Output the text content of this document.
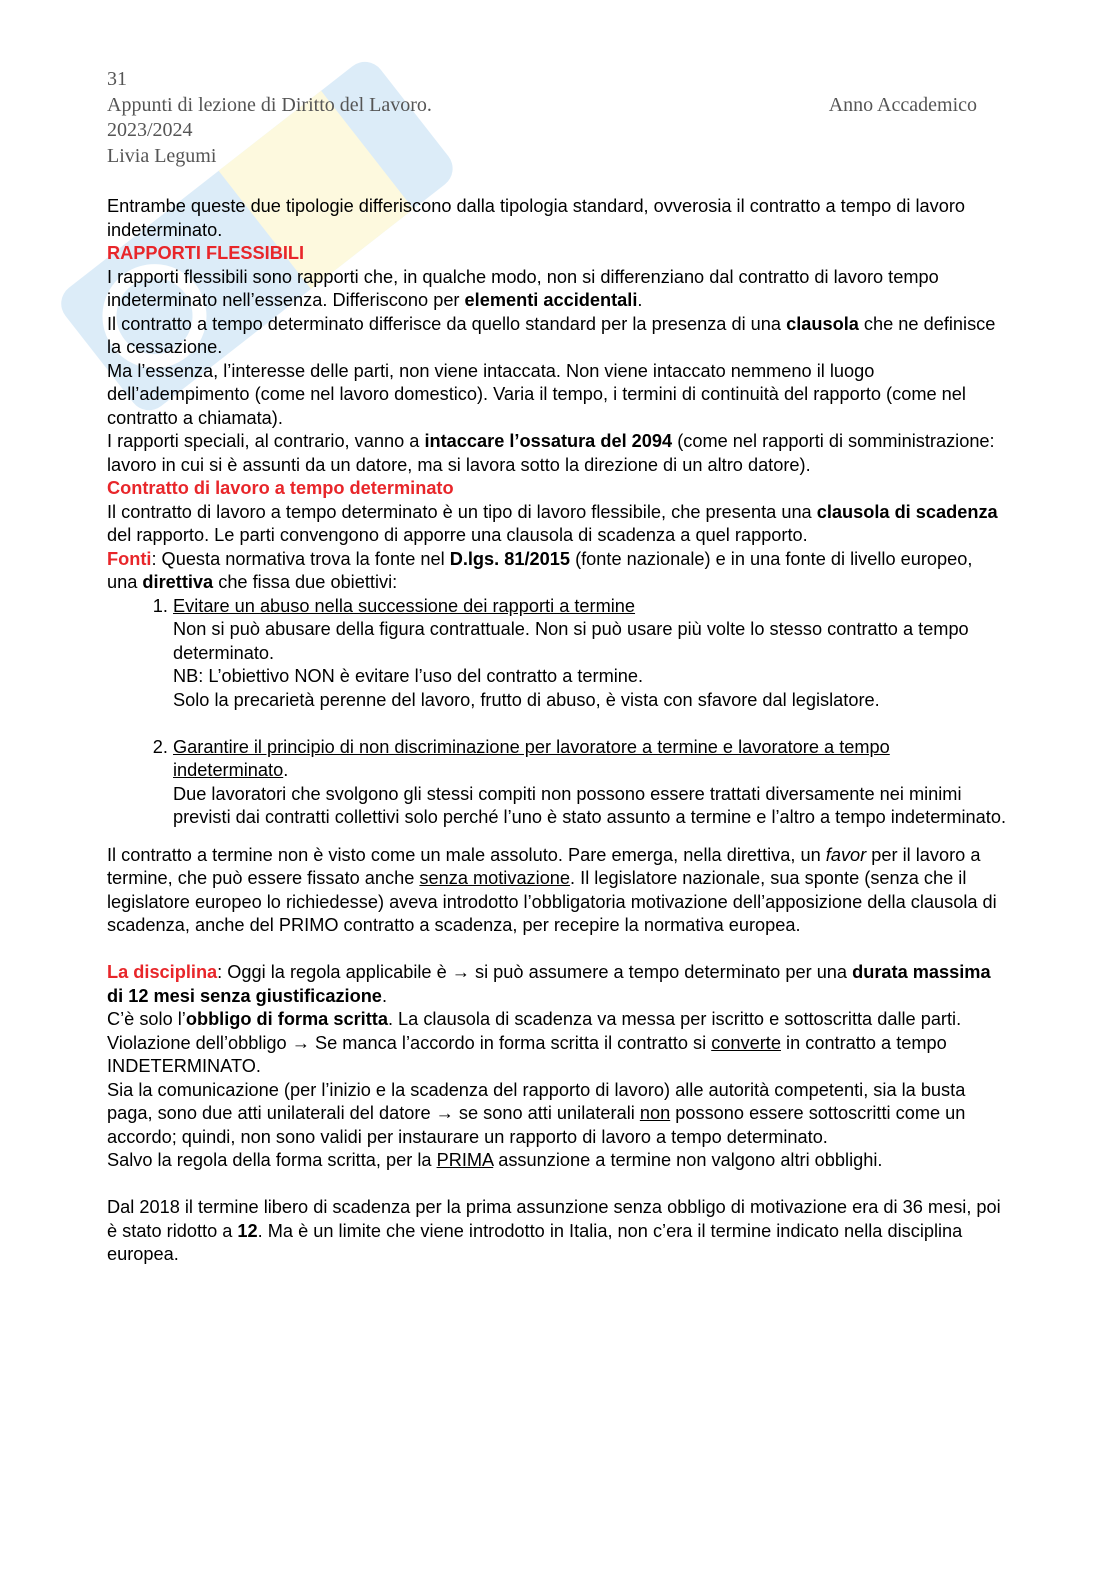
31
Appunti di lezione di Diritto del Lavoro.	Anno Accademico
2023/2024
Livia Legumi

Entrambe queste due tipologie differiscono dalla tipologia standard, ovverosia il contratto a tempo di lavoro indeterminato.

RAPPORTI FLESSIBILI

I rapporti flessibili sono rapporti che, in qualche modo, non si differenziano dal contratto di lavoro tempo indeterminato nell’essenza. Differiscono per elementi accidentali.

Il contratto a tempo determinato differisce da quello standard per la presenza di una clausola che ne definisce la cessazione.

Ma l’essenza, l’interesse delle parti, non viene intaccata. Non viene intaccato nemmeno il luogo dell’adempimento (come nel lavoro domestico). Varia il tempo, i termini di continuità del rapporto (come nel contratto a chiamata).

I rapporti speciali, al contrario, vanno a intaccare l’ossatura del 2094 (come nel rapporti di somministrazione: lavoro in cui si è assunti da un datore, ma si lavora sotto la direzione di un altro datore).

Contratto di lavoro a tempo determinato

Il contratto di lavoro a tempo determinato è un tipo di lavoro flessibile, che presenta una clausola di scadenza del rapporto. Le parti convengono di apporre una clausola di scadenza a quel rapporto.

Fonti: Questa normativa trova la fonte nel D.lgs. 81/2015 (fonte nazionale) e in una fonte di livello europeo, una direttiva che fissa due obiettivi:

1. Evitare un abuso nella successione dei rapporti a termine
Non si può abusare della figura contrattuale. Non si può usare più volte lo stesso contratto a tempo determinato.
NB: L’obiettivo NON è evitare l’uso del contratto a termine.
Solo la precarietà perenne del lavoro, frutto di abuso, è vista con sfavore dal legislatore.
2. Garantire il principio di non discriminazione per lavoratore a termine e lavoratore a tempo indeterminato.
Due lavoratori che svolgono gli stessi compiti non possono essere trattati diversamente nei minimi previsti dai contratti collettivi solo perché l’uno è stato assunto a termine e l’altro a tempo indeterminato.

Il contratto a termine non è visto come un male assoluto. Pare emerga, nella direttiva, un favor per il lavoro a termine, che può essere fissato anche senza motivazione. Il legislatore nazionale, sua sponte (senza che il legislatore europeo lo richiedesse) aveva introdotto l’obbligatoria motivazione dell’apposizione della clausola di scadenza, anche del PRIMO contratto a scadenza, per recepire la normativa europea.

La disciplina: Oggi la regola applicabile è → si può assumere a tempo determinato per una durata massima di 12 mesi senza giustificazione.

C’è solo l’obbligo di forma scritta. La clausola di scadenza va messa per iscritto e sottoscritta dalle parti.

Violazione dell’obbligo → Se manca l’accordo in forma scritta il contratto si converte in contratto a tempo INDETERMINATO.

Sia la comunicazione (per l’inizio e la scadenza del rapporto di lavoro) alle autorità competenti, sia la busta paga, sono due atti unilaterali del datore → se sono atti unilaterali non possono essere sottoscritti come un accordo; quindi, non sono validi per instaurare un rapporto di lavoro a tempo determinato.

Salvo la regola della forma scritta, per la PRIMA assunzione a termine non valgono altri obblighi.

Dal 2018 il termine libero di scadenza per la prima assunzione senza obbligo di motivazione era di 36 mesi, poi è stato ridotto a 12. Ma è un limite che viene introdotto in Italia, non c’era il termine indicato nella disciplina europea.
